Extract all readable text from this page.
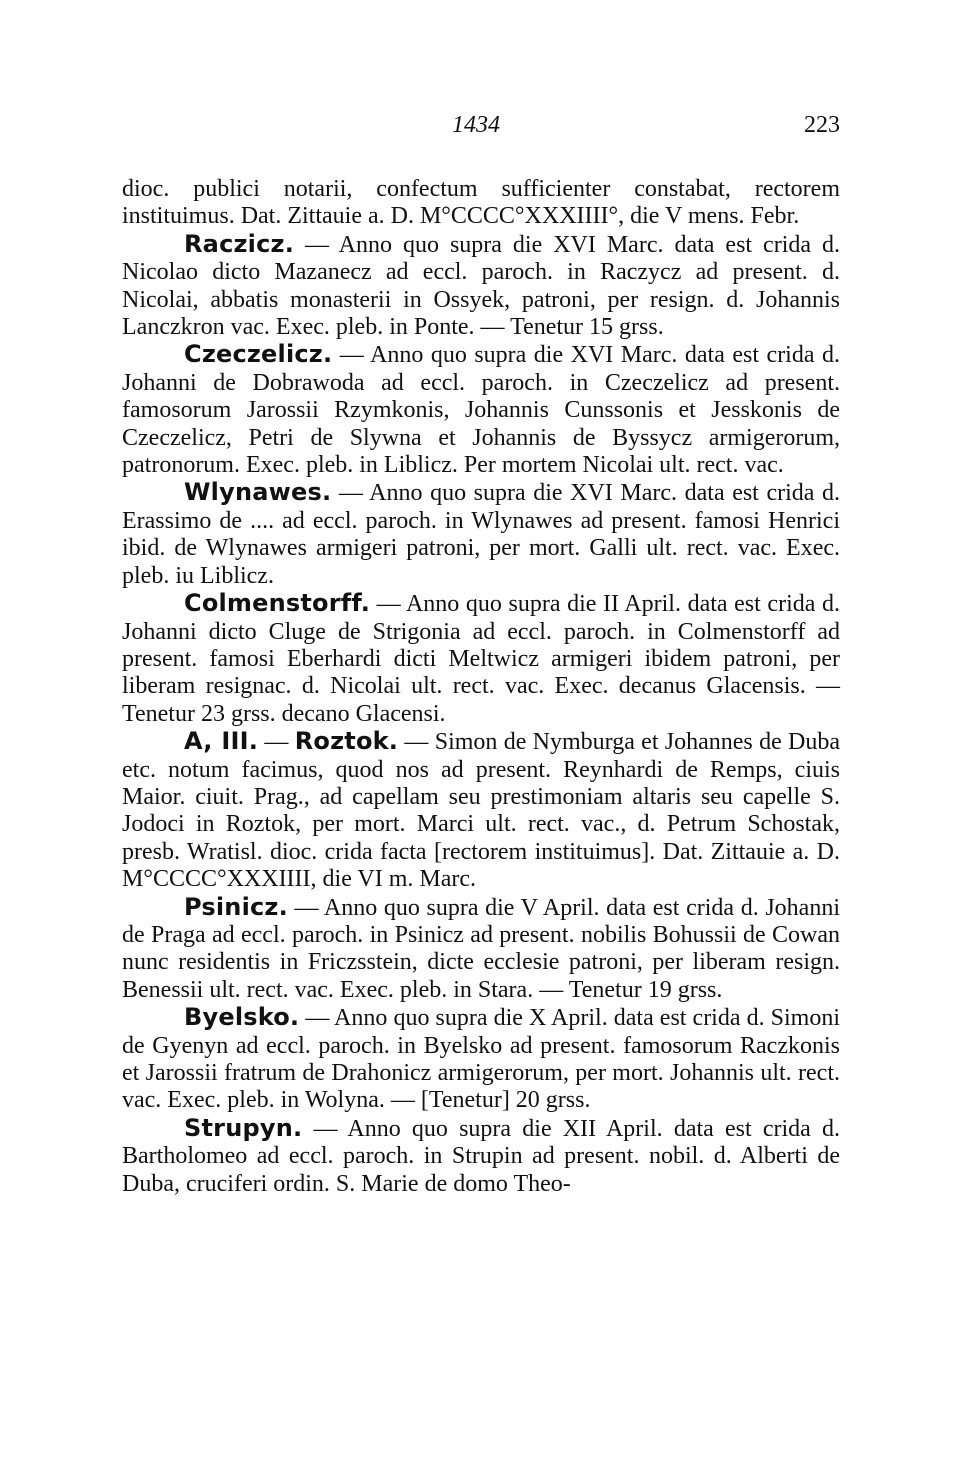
1434	223

dioc. publici notarii, confectum sufficienter constabat, rectorem instituimus. Dat. Zittauie a. D. M°CCCC°XXXIIII°, die V mens. Febr.

Raczicz. — Anno quo supra die XVI Marc. data est crida d. Nicolao dicto Mazanecz ad eccl. paroch. in Raczycz ad present. d. Nicolai, abbatis monasterii in Ossyek, patroni, per resign. d. Johannis Lanczkron vac. Exec. pleb. in Ponte. — Tenetur 15 grss.

Czeczelicz. — Anno quo supra die XVI Marc. data est crida d. Johanni de Dobrawoda ad eccl. paroch. in Czeczelicz ad present. famosorum Jarossii Rzymkonis, Johannis Cunssonis et Jesskonis de Czeczelicz, Petri de Slywna et Johannis de Byssycz armigerorum, patronorum. Exec. pleb. in Liblicz. Per mortem Nicolai ult. rect. vac.

Wlynawes. — Anno quo supra die XVI Marc. data est crida d. Erassimo de .... ad eccl. paroch. in Wlynawes ad present. famosi Henrici ibid. de Wlynawes armigeri patroni, per mort. Galli ult. rect. vac. Exec. pleb. iu Liblicz.

Colmenstorff. — Anno quo supra die II April. data est crida d. Johanni dicto Cluge de Strigonia ad eccl. paroch. in Colmenstorff ad present. famosi Eberhardi dicti Meltwicz armigeri ibidem patroni, per liberam resignac. d. Nicolai ult. rect. vac. Exec. decanus Glacensis. — Tenetur 23 grss. decano Glacensi.

A, III. — Roztok. — Simon de Nymburga et Johannes de Duba etc. notum facimus, quod nos ad present. Reynhardi de Remps, ciuis Maior. ciuit. Prag., ad capellam seu prestimoniam altaris seu capelle S. Jodoci in Roztok, per mort. Marci ult. rect. vac., d. Petrum Schostak, presb. Wratisl. dioc. crida facta [rectorem instituimus]. Dat. Zittauie a. D. M°CCCC°XXXIIII, die VI m. Marc.

Psinicz. — Anno quo supra die V April. data est crida d. Johanni de Praga ad eccl. paroch. in Psinicz ad present. nobilis Bohussii de Cowan nunc residentis in Friczsstein, dicte ecclesie patroni, per liberam resign. Benessii ult. rect. vac. Exec. pleb. in Stara. — Tenetur 19 grss.

Byelsko. — Anno quo supra die X April. data est crida d. Simoni de Gyenyn ad eccl. paroch. in Byelsko ad present. famosorum Raczkonis et Jarossii fratrum de Drahonicz armigerorum, per mort. Johannis ult. rect. vac. Exec. pleb. in Wolyna. — [Tenetur] 20 grss.

Strupyn. — Anno quo supra die XII April. data est crida d. Bartholomeo ad eccl. paroch. in Strupin ad present. nobil. d. Alberti de Duba, cruciferi ordin. S. Marie de domo Theo-
